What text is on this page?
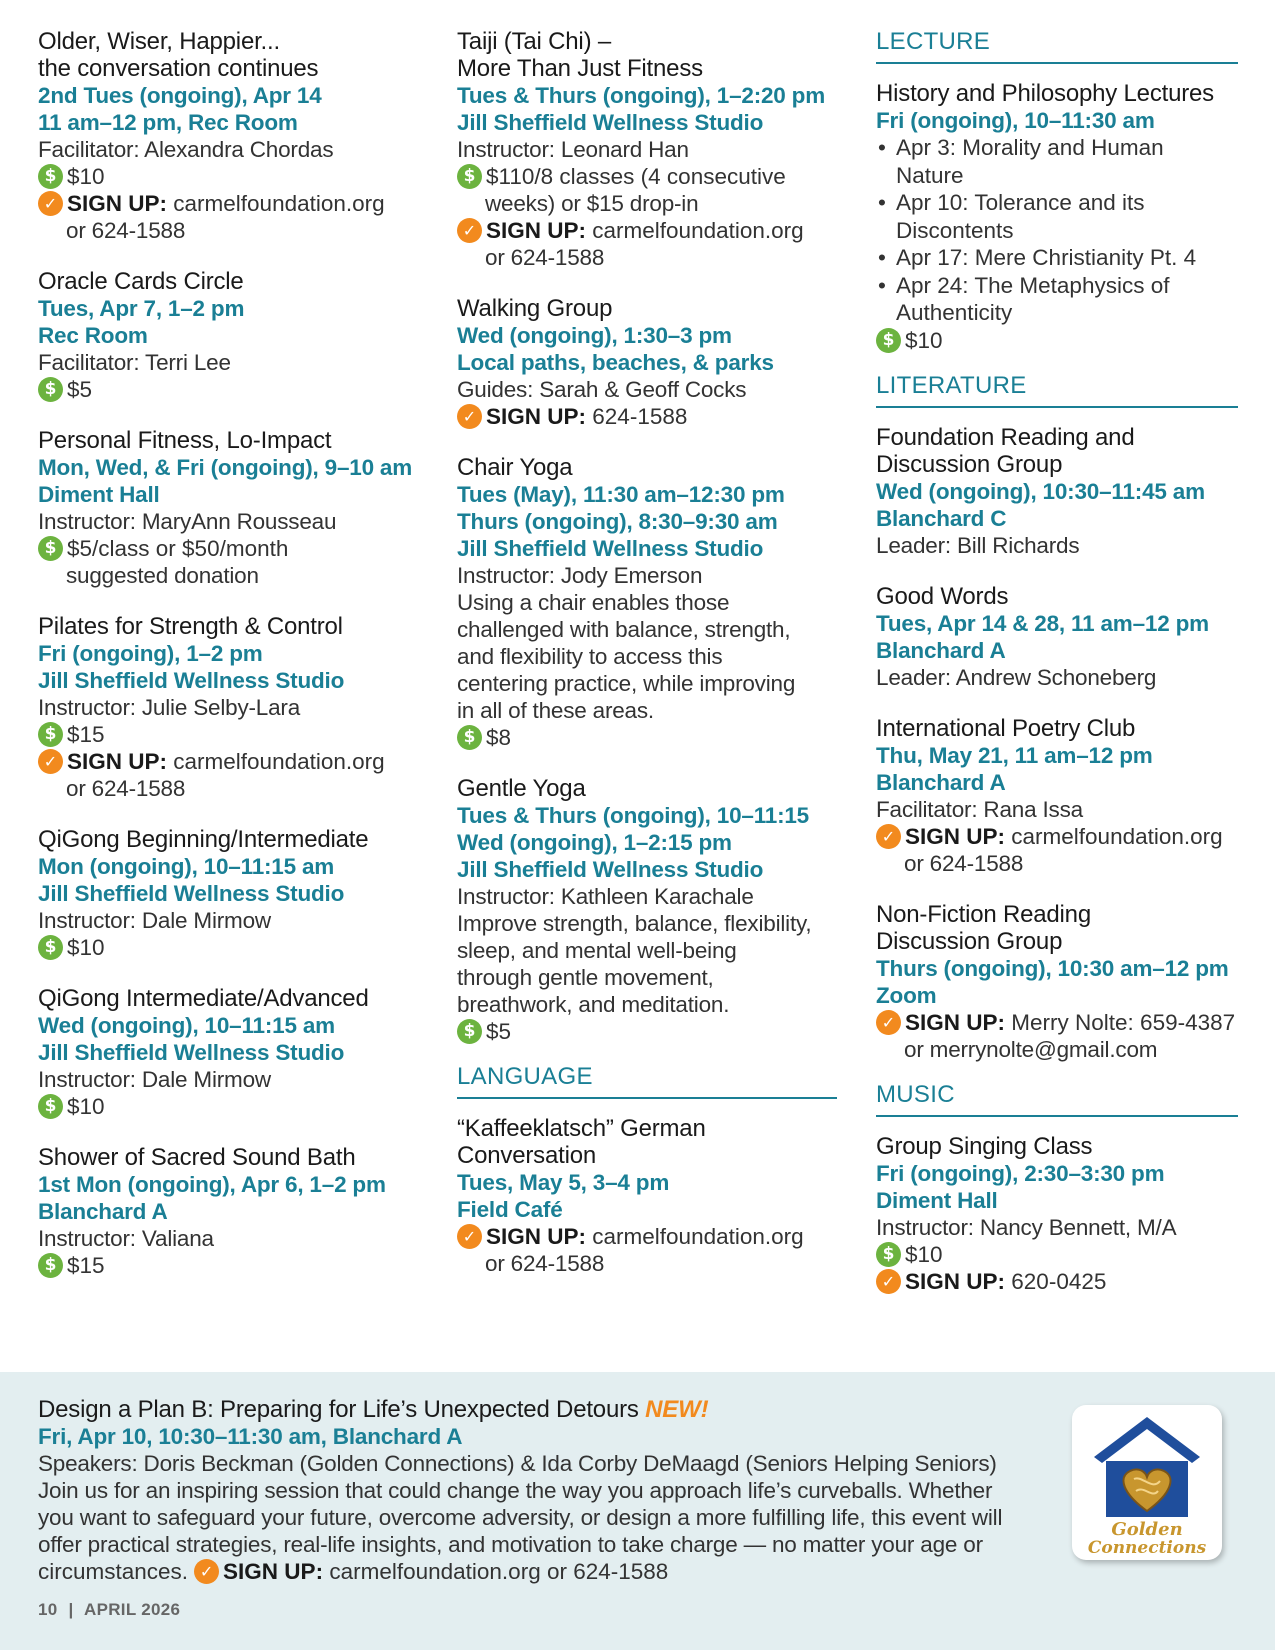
Older, Wiser, Happier...
the conversation continues
2nd Tues (ongoing), Apr 14
11 am–12 pm, Rec Room
Facilitator: Alexandra Chordas
$ $10
✓ SIGN UP: carmelfoundation.org
or 624-1588
Oracle Cards Circle
Tues, Apr 7, 1–2 pm
Rec Room
Facilitator: Terri Lee
$ $5
Personal Fitness, Lo-Impact
Mon, Wed, & Fri (ongoing), 9–10 am
Diment Hall
Instructor: MaryAnn Rousseau
$ $5/class or $50/month
suggested donation
Pilates for Strength & Control
Fri (ongoing), 1–2 pm
Jill Sheffield Wellness Studio
Instructor: Julie Selby-Lara
$ $15
✓ SIGN UP: carmelfoundation.org
or 624-1588
QiGong Beginning/Intermediate
Mon (ongoing), 10–11:15 am
Jill Sheffield Wellness Studio
Instructor: Dale Mirmow
$ $10
QiGong Intermediate/Advanced
Wed (ongoing), 10–11:15 am
Jill Sheffield Wellness Studio
Instructor: Dale Mirmow
$ $10
Shower of Sacred Sound Bath
1st Mon (ongoing), Apr 6, 1–2 pm
Blanchard A
Instructor: Valiana
$ $15
Taiji (Tai Chi) –
More Than Just Fitness
Tues & Thurs (ongoing), 1–2:20 pm
Jill Sheffield Wellness Studio
Instructor: Leonard Han
$ $110/8 classes (4 consecutive
weeks) or $15 drop-in
✓ SIGN UP: carmelfoundation.org
or 624-1588
Walking Group
Wed (ongoing), 1:30–3 pm
Local paths, beaches, & parks
Guides: Sarah & Geoff Cocks
✓ SIGN UP: 624-1588
Chair Yoga
Tues (May), 11:30 am–12:30 pm
Thurs (ongoing), 8:30–9:30 am
Jill Sheffield Wellness Studio
Instructor: Jody Emerson
Using a chair enables those
challenged with balance, strength,
and flexibility to access this
centering practice, while improving
in all of these areas.
$ $8
Gentle Yoga
Tues & Thurs (ongoing), 10–11:15
Wed (ongoing), 1–2:15 pm
Jill Sheffield Wellness Studio
Instructor: Kathleen Karachale
Improve strength, balance, flexibility,
sleep, and mental well-being
through gentle movement,
breathwork, and meditation.
$ $5
LANGUAGE
“Kaffeeklatsch” German
Conversation
Tues, May 5, 3–4 pm
Field Café
✓ SIGN UP: carmelfoundation.org
or 624-1588
LECTURE
History and Philosophy Lectures
Fri (ongoing), 10–11:30 am
• Apr 3: Morality and Human
Nature
• Apr 10: Tolerance and its
Discontents
• Apr 17: Mere Christianity Pt. 4
• Apr 24: The Metaphysics of
Authenticity
$ $10
LITERATURE
Foundation Reading and
Discussion Group
Wed (ongoing), 10:30–11:45 am
Blanchard C
Leader: Bill Richards
Good Words
Tues, Apr 14 & 28, 11 am–12 pm
Blanchard A
Leader: Andrew Schoneberg
International Poetry Club
Thu, May 21, 11 am–12 pm
Blanchard A
Facilitator: Rana Issa
✓ SIGN UP: carmelfoundation.org
or 624-1588
Non-Fiction Reading
Discussion Group
Thurs (ongoing), 10:30 am–12 pm
Zoom
✓ SIGN UP: Merry Nolte: 659-4387
or merrynolte@gmail.com
MUSIC
Group Singing Class
Fri (ongoing), 2:30–3:30 pm
Diment Hall
Instructor: Nancy Bennett, M/A
$ $10
✓ SIGN UP: 620-0425
Design a Plan B: Preparing for Life’s Unexpected Detours NEW!
Fri, Apr 10, 10:30–11:30 am, Blanchard A
Speakers: Doris Beckman (Golden Connections) & Ida Corby DeMaagd (Seniors Helping Seniors)
Join us for an inspiring session that could change the way you approach life’s curveballs. Whether
you want to safeguard your future, overcome adversity, or design a more fulfilling life, this event will
offer practical strategies, real-life insights, and motivation to take charge — no matter your age or
circumstances. ✓ SIGN UP: carmelfoundation.org or 624-1588
Golden
Connections
10 | APRIL 2026
